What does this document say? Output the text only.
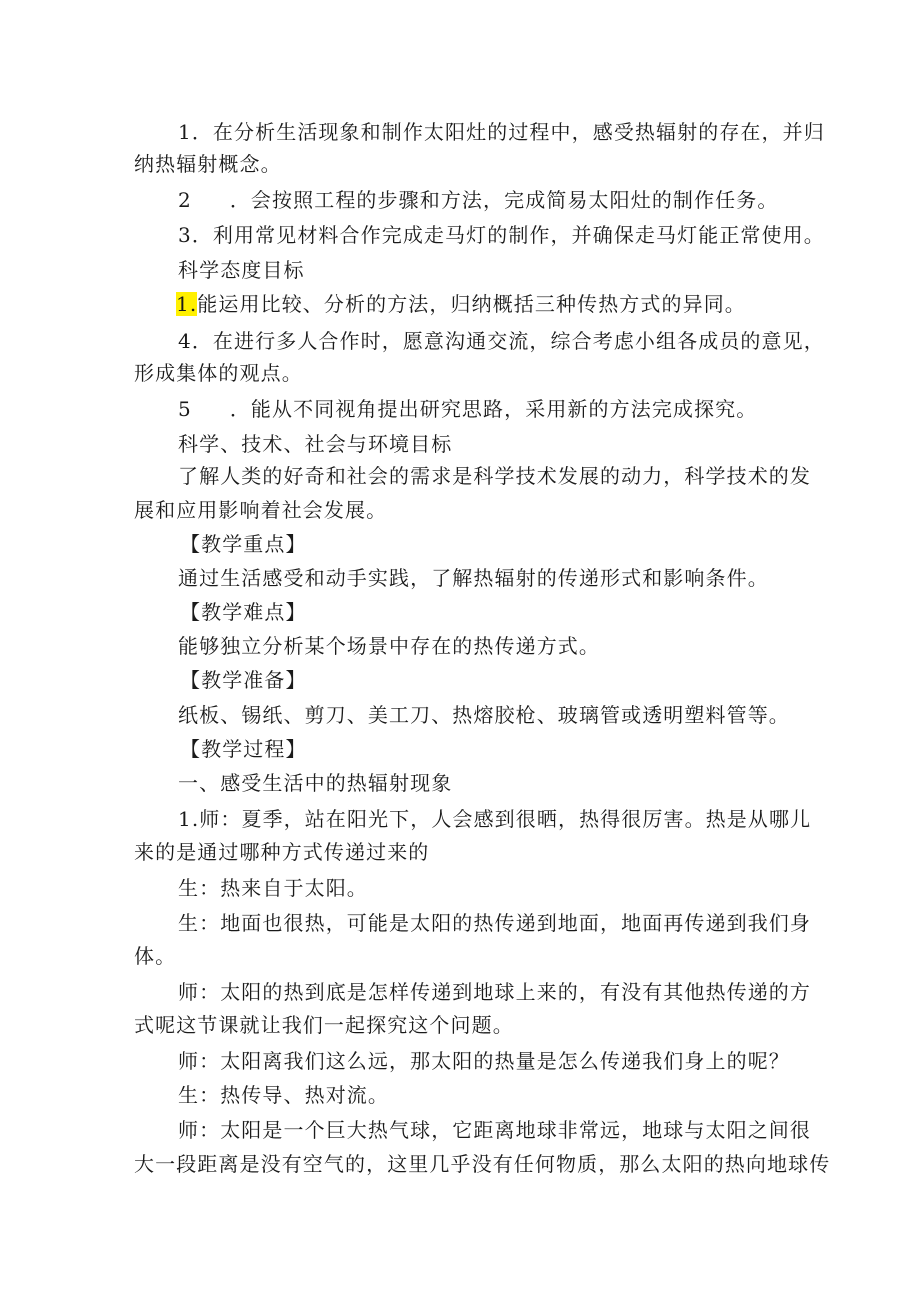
1．在分析生活现象和制作太阳灶的过程中，感受热辐射的存在，并归
纳热辐射概念。
2 ．会按照工程的步骤和方法，完成简易太阳灶的制作任务。
3．利用常见材料合作完成走马灯的制作，并确保走马灯能正常使用。
科学态度目标
1.能运用比较、分析的方法，归纳概括三种传热方式的异同。
4．在进行多人合作时，愿意沟通交流，综合考虑小组各成员的意见，
形成集体的观点。
5 ．能从不同视角提出研究思路，采用新的方法完成探究。
科学、技术、社会与环境目标
了解人类的好奇和社会的需求是科学技术发展的动力，科学技术的发
展和应用影响着社会发展。
【教学重点】
通过生活感受和动手实践，了解热辐射的传递形式和影响条件。
【教学难点】
能够独立分析某个场景中存在的热传递方式。
【教学准备】
纸板、锡纸、剪刀、美工刀、热熔胶枪、玻璃管或透明塑料管等。
【教学过程】
一、感受生活中的热辐射现象
1.师：夏季，站在阳光下，人会感到很晒，热得很厉害。热是从哪儿
来的是通过哪种方式传递过来的
生：热来自于太阳。
生：地面也很热，可能是太阳的热传递到地面，地面再传递到我们身
体。
师：太阳的热到底是怎样传递到地球上来的，有没有其他热传递的方
式呢这节课就让我们一起探究这个问题。
师：太阳离我们这么远，那太阳的热量是怎么传递我们身上的呢？
生：热传导、热对流。
师：太阳是一个巨大热气球，它距离地球非常远，地球与太阳之间很
大一段距离是没有空气的，这里几乎没有任何物质，那么太阳的热向地球传
